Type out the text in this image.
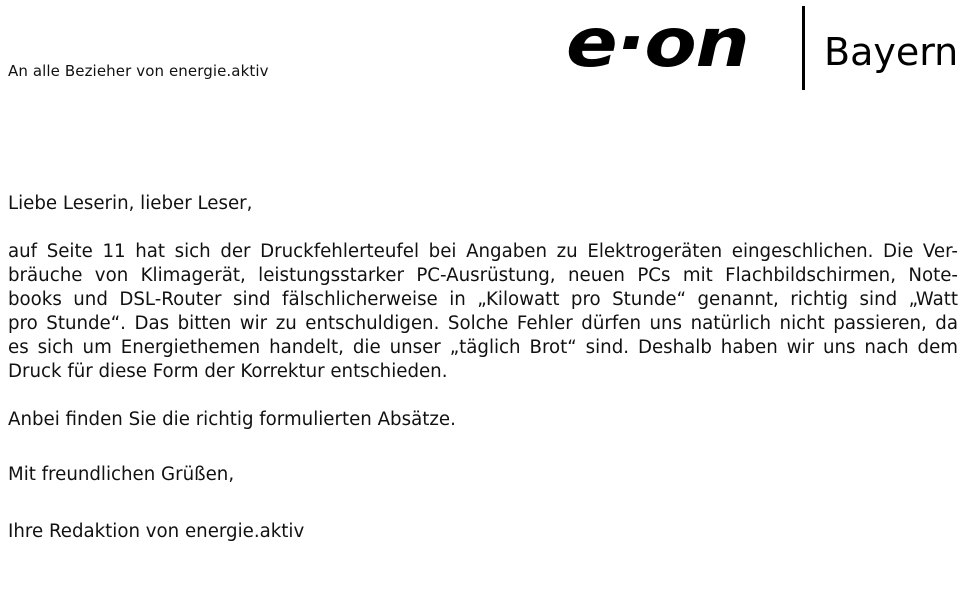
An alle Bezieher von energie.aktiv	e·on Bayern

Liebe Leserin, lieber Leser,

auf Seite 11 hat sich der Druckfehlerteufel bei Angaben zu Elektrogeräten eingeschlichen. Die Ver-
bräuche von Klimagerät, leistungsstarker PC-Ausrüstung, neuen PCs mit Flachbildschirmen, Note-
books und DSL-Router sind fälschlicherweise in „Kilowatt pro Stunde“ genannt, richtig sind „Watt
pro Stunde“. Das bitten wir zu entschuldigen. Solche Fehler dürfen uns natürlich nicht passieren, da
es sich um Energiethemen handelt, die unser „täglich Brot“ sind. Deshalb haben wir uns nach dem
Druck für diese Form der Korrektur entschieden.

Anbei finden Sie die richtig formulierten Absätze.

Mit freundlichen Grüßen,

Ihre Redaktion von energie.aktiv
